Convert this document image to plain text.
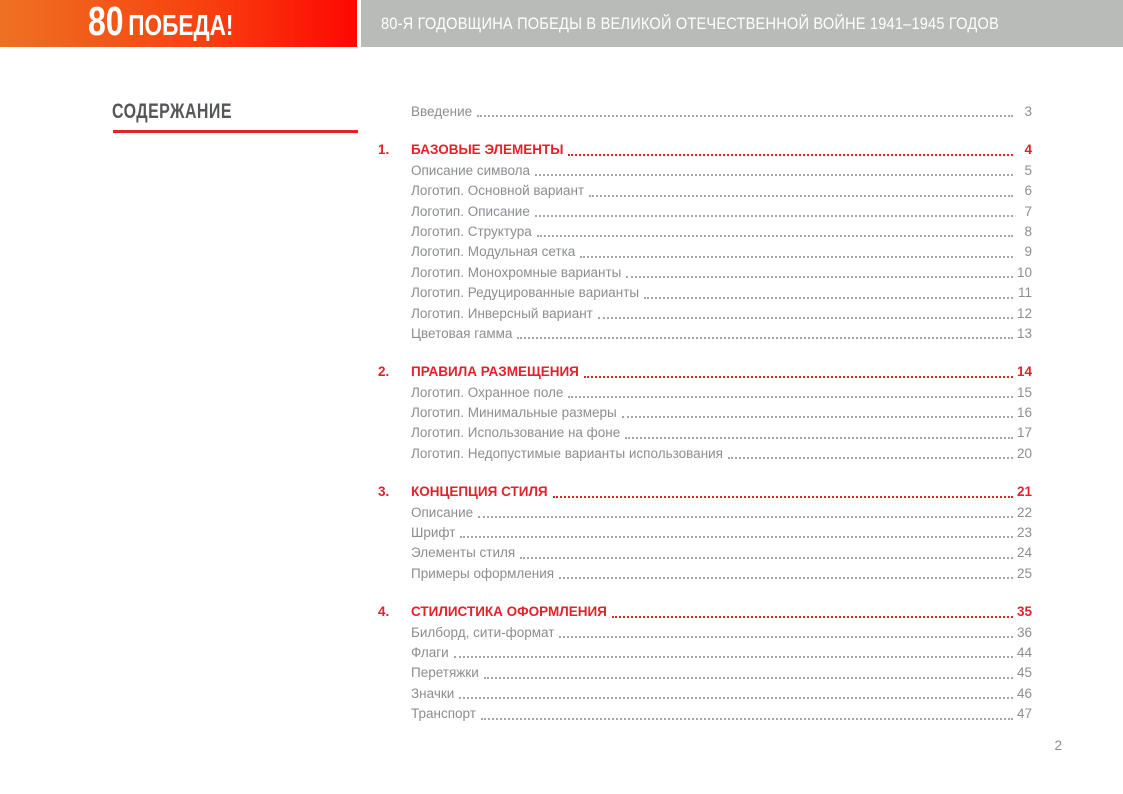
80 ПОБЕДА!	80-Я ГОДОВЩИНА ПОБЕДЫ В ВЕЛИКОЙ ОТЕЧЕСТВЕННОЙ ВОЙНЕ 1941–1945 ГОДОВ
СОДЕРЖАНИЕ	Введение	3
1.	БАЗОВЫЕ ЭЛЕМЕНТЫ	4
Описание символа	5
Логотип. Основной вариант	6
Логотип. Описание	7
Логотип. Структура	8
Логотип. Модульная сетка	9
Логотип. Монохромные варианты	10
Логотип. Редуцированные варианты	11
Логотип. Инверсный вариант	12
Цветовая гамма	13
2.	ПРАВИЛА РАЗМЕЩЕНИЯ	14
Логотип. Охранное поле	15
Логотип. Минимальные размеры	16
Логотип. Использование на фоне	17
Логотип. Недопустимые варианты использования	20
3.	КОНЦЕПЦИЯ СТИЛЯ	21
Описание	22
Шрифт	23
Элементы стиля	24
Примеры оформления	25
4.	СТИЛИСТИКА ОФОРМЛЕНИЯ	35
Билборд, сити-формат	36
Флаги	44
Перетяжки	45
Значки	46
Транспорт	47
2
